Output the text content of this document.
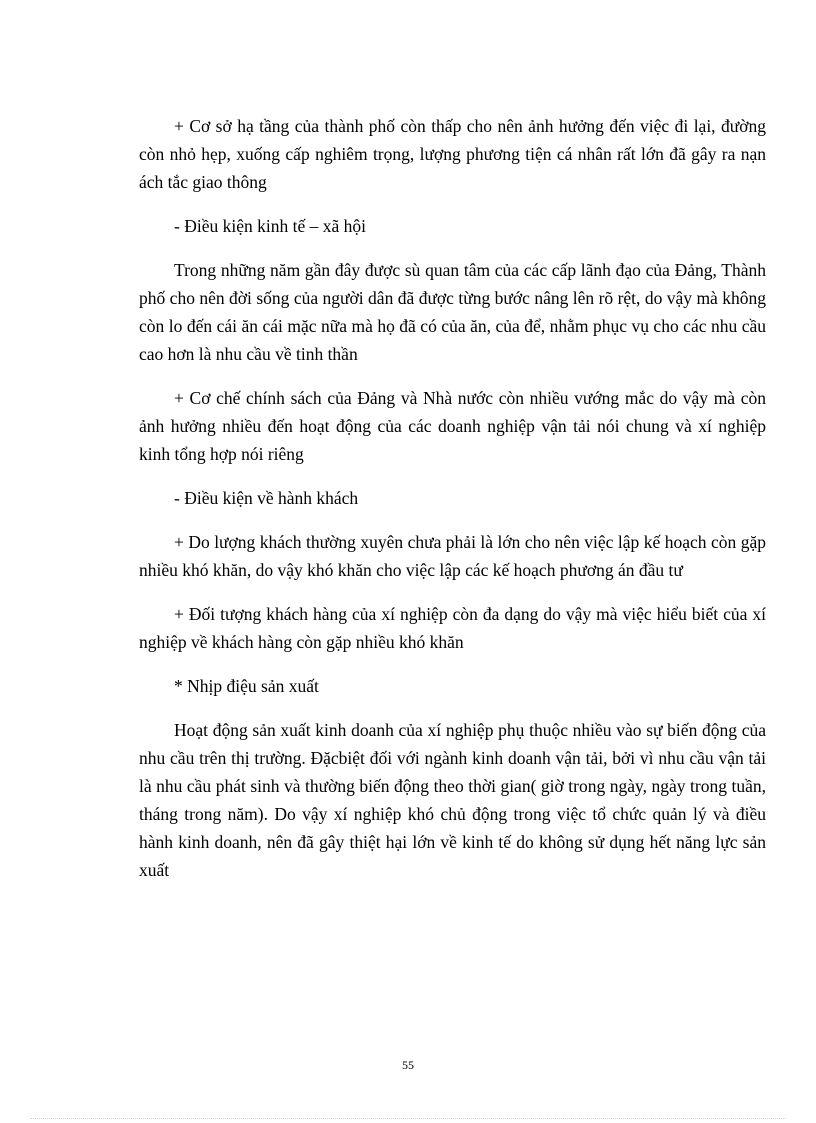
+ Cơ sở hạ tầng của thành phố còn thấp cho nên ảnh hưởng đến việc đi lại, đường còn nhỏ hẹp, xuống cấp nghiêm trọng, lượng phương tiện cá nhân rất lớn đã gây ra nạn ách tắc giao thông

- Điều kiện kinh tế – xã hội

Trong những năm gần đây được sù quan tâm của các cấp lãnh đạo của Đảng, Thành phố cho nên đời sống của người dân đã được từng bước nâng lên rõ rệt, do vậy mà không còn lo đến cái ăn cái mặc nữa mà họ đã có của ăn, của để, nhằm phục vụ cho các nhu cầu cao hơn là nhu cầu về tinh thần

+ Cơ chế chính sách của Đảng và Nhà nước còn nhiều vướng mắc do vậy mà còn ảnh hưởng nhiều đến hoạt động của các doanh nghiệp vận tải nói chung và xí nghiệp kinh tổng hợp nói riêng

- Điều kiện về hành khách

+ Do lượng khách thường xuyên chưa phải là lớn cho nên việc lập kế hoạch còn gặp nhiều khó khăn, do vậy khó khăn cho việc lập các kế hoạch phương án đầu tư

+ Đối tượng khách hàng của xí nghiệp còn đa dạng do vậy mà việc hiểu biết của xí nghiệp về khách hàng còn gặp nhiều khó khăn

* Nhịp điệu sản xuất

Hoạt động sản xuất kinh doanh của xí nghiệp phụ thuộc nhiều vào sự biến động của nhu cầu trên thị trường. Đặcbiệt đối với ngành kinh doanh vận tải, bởi vì nhu cầu vận tải là nhu cầu phát sinh và thường biến động theo thời gian( giờ trong ngày, ngày trong tuần, tháng trong năm). Do vậy xí nghiệp khó chủ động trong việc tổ chức quản lý và điều hành kinh doanh, nên đã gây thiệt hại lớn về kinh tế do không sử dụng hết năng lực sản xuất

55
